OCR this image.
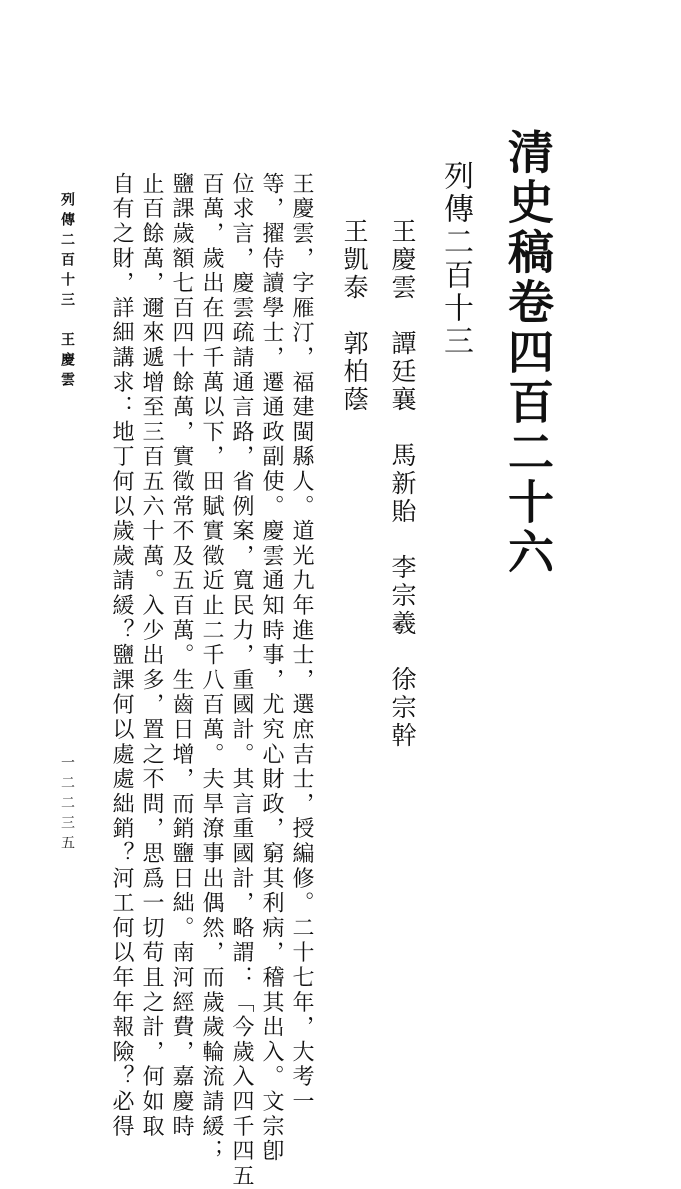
清史稿卷四百二十六
列傳二百十三
王慶雲　譚廷襄　馬新貽　李宗羲　徐宗幹
王凱泰　郭柏蔭
王慶雲，字雁汀，福建閩縣人。道光九年進士，選庶吉士，授編修。二十七年，大考一
等，擢侍讀學士，遷通政副使。慶雲通知時事，尤究心財政，窮其利病，稽其出入。文宗卽
位求言，慶雲疏請通言路，省例案，寬民力，重國計。其言重國計，略謂：「今歲入四千四五
百萬，歲出在四千萬以下，田賦實徵近止二千八百萬。夫旱潦事出偶然，而歲歲輪流請緩；
鹽課歲額七百四十餘萬，實徵常不及五百萬。生齒日增，而銷鹽日絀。南河經費，嘉慶時
止百餘萬，邇來遞增至三百五六十萬。入少出多，置之不問，思爲一切苟且之計，何如取
自有之財，詳細講求：地丁何以歲歲請緩？鹽課何以處處絀銷？河工何以年年報險？必得
列傳二百十三　王慶雲
一二二三五
